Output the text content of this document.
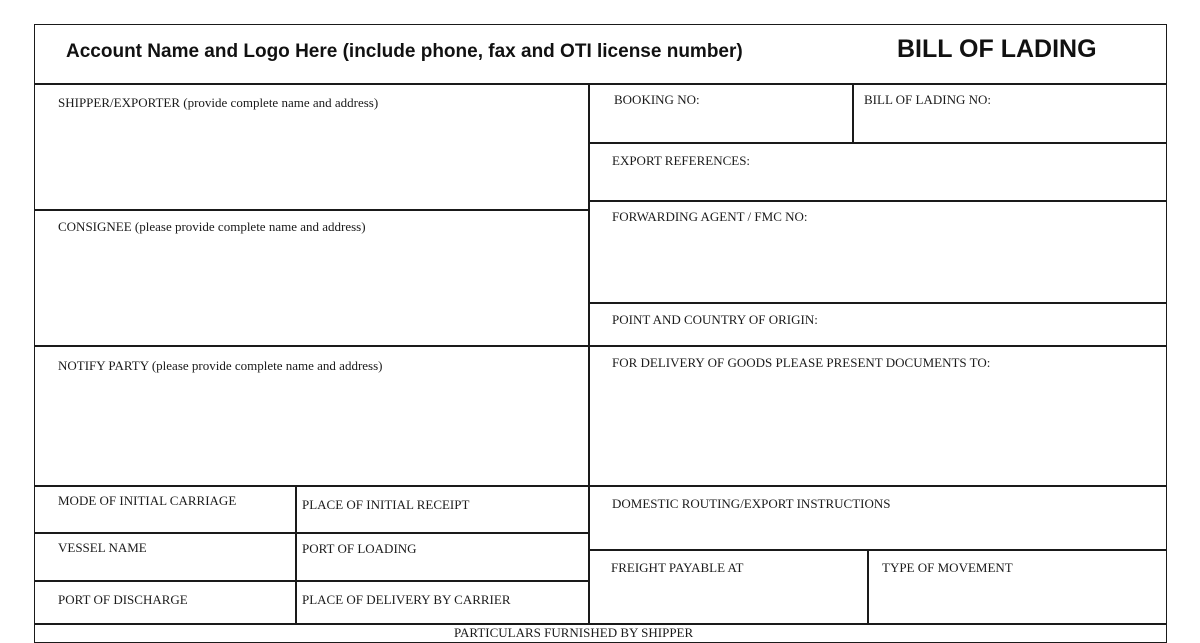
Account Name and Logo Here (include phone, fax and OTI license number)	BILL OF LADING
SHIPPER/EXPORTER (provide complete name and address)
CONSIGNEE (please provide complete name and address)
NOTIFY PARTY (please provide complete name and address)
MODE OF INITIAL CARRIAGE	PLACE OF INITIAL RECEIPT
VESSEL NAME	PORT OF LOADING
PORT OF DISCHARGE	PLACE OF DELIVERY BY CARRIER
BOOKING NO:	BILL OF LADING NO:
EXPORT REFERENCES:
FORWARDING AGENT / FMC NO:
POINT AND COUNTRY OF ORIGIN:
FOR DELIVERY OF GOODS PLEASE PRESENT DOCUMENTS TO:
DOMESTIC ROUTING/EXPORT INSTRUCTIONS
FREIGHT PAYABLE AT	TYPE OF MOVEMENT
PARTICULARS FURNISHED BY SHIPPER
